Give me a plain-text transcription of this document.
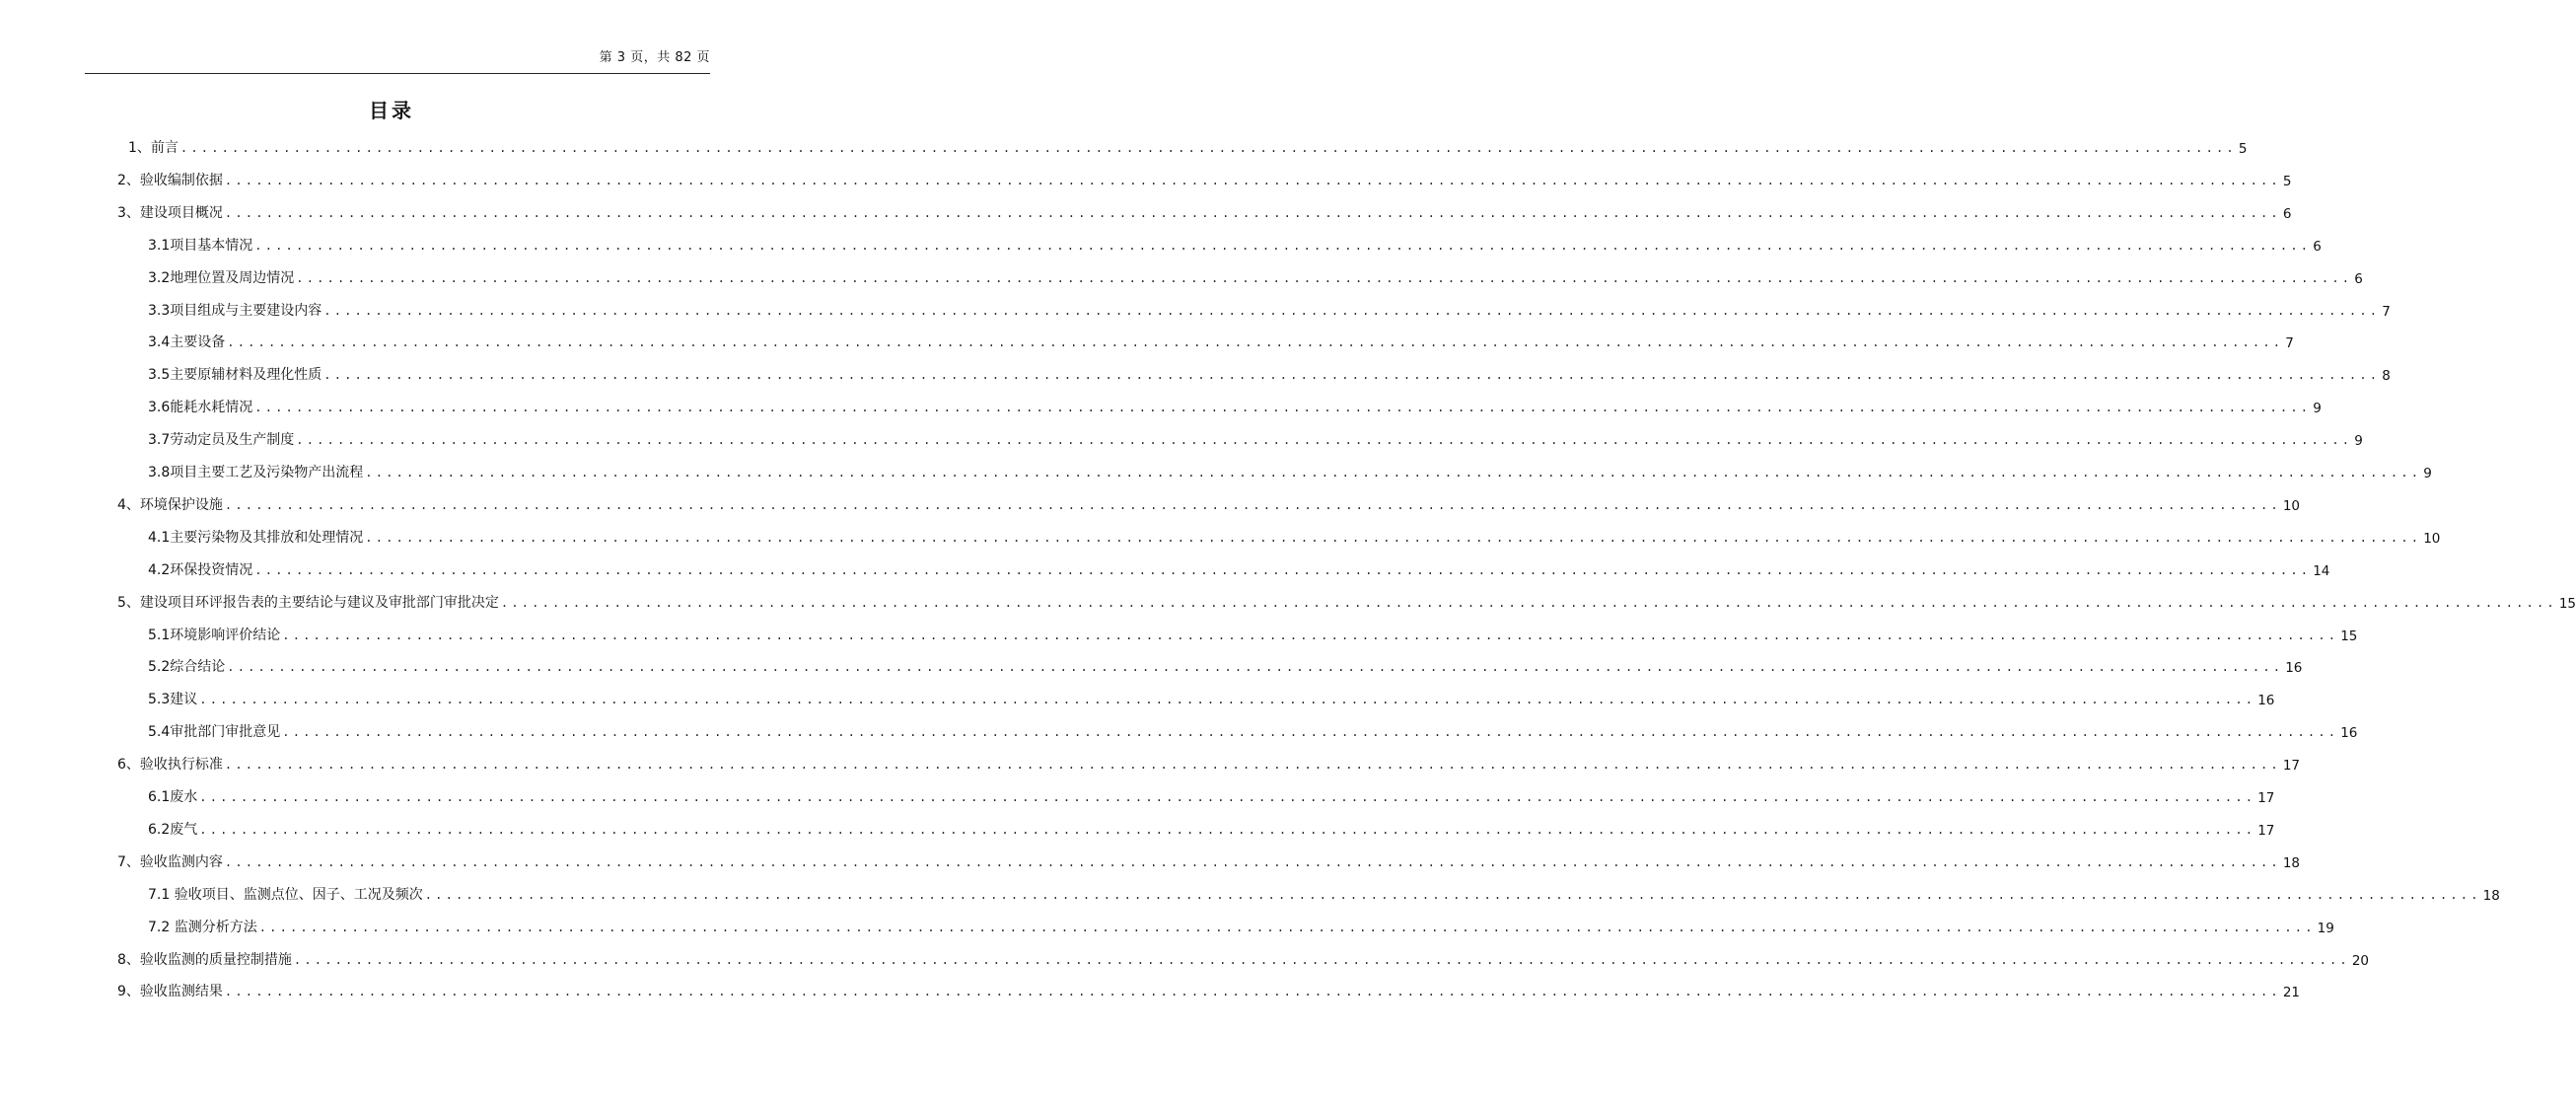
第 3 页，共 82 页
目录
1、前言 ........................................................................................................................................................................................................ 5
2、验收编制依据 ........................................................................................................................................................................................................ 5
3、建设项目概况 ........................................................................................................................................................................................................ 6
3.1项目基本情况 ........................................................................................................................................................................................................ 6
3.2地理位置及周边情况 ........................................................................................................................................................................................................ 6
3.3项目组成与主要建设内容 ........................................................................................................................................................................................................ 7
3.4主要设备 ........................................................................................................................................................................................................ 7
3.5主要原辅材料及理化性质 ........................................................................................................................................................................................................ 8
3.6能耗水耗情况 ........................................................................................................................................................................................................ 9
3.7劳动定员及生产制度 ........................................................................................................................................................................................................ 9
3.8项目主要工艺及污染物产出流程 ........................................................................................................................................................................................................ 9
4、环境保护设施 ........................................................................................................................................................................................................ 10
4.1主要污染物及其排放和处理情况 ........................................................................................................................................................................................................ 10
4.2环保投资情况 ........................................................................................................................................................................................................ 14
5、建设项目环评报告表的主要结论与建议及审批部门审批决定 ........................................................................................................................................................................................................ 15
5.1环境影响评价结论 ........................................................................................................................................................................................................ 15
5.2综合结论 ........................................................................................................................................................................................................ 16
5.3建议 ........................................................................................................................................................................................................ 16
5.4审批部门审批意见 ........................................................................................................................................................................................................ 16
6、验收执行标准 ........................................................................................................................................................................................................ 17
6.1废水 ........................................................................................................................................................................................................ 17
6.2废气 ........................................................................................................................................................................................................ 17
7、验收监测内容 ........................................................................................................................................................................................................ 18
7.1 验收项目、监测点位、因子、工况及频次 ........................................................................................................................................................................................................ 18
7.2 监测分析方法 ........................................................................................................................................................................................................ 19
8、验收监测的质量控制措施 ........................................................................................................................................................................................................ 20
9、验收监测结果 ........................................................................................................................................................................................................ 21
